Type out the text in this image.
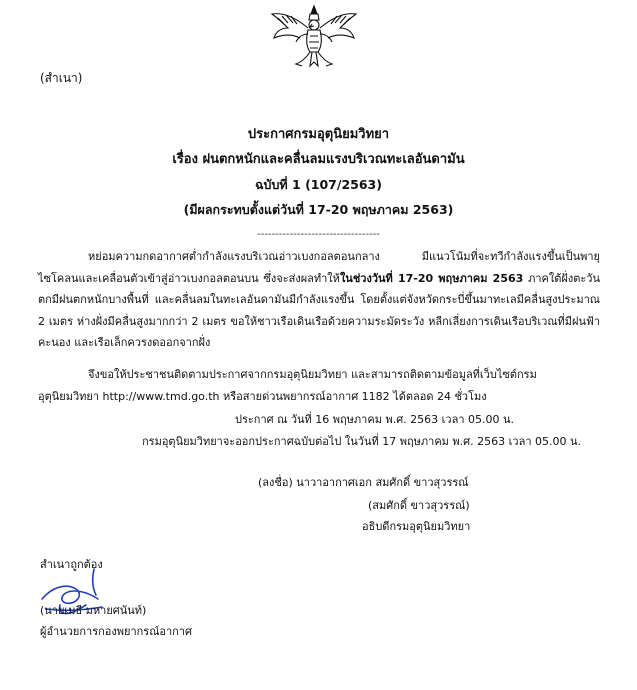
(สำเนา)
ประกาศกรมอุตุนิยมวิทยา
เรื่อง ฝนตกหนักและคลื่นลมแรงบริเวณทะเลอันดามัน
ฉบับที่ 1 (107/2563)
(มีผลกระทบตั้งแต่วันที่ 17-20 พฤษภาคม 2563)
----------------------------------
หย่อมความกดอากาศต่ำกำลังแรงบริเวณอ่าวเบงกอลตอนกลาง มีแนวโน้มที่จะทวีกำลังแรงขึ้นเป็นพายุไซโคลนและเคลื่อนตัวเข้าสู่อ่าวเบงกอลตอนบน ซึ่งจะส่งผลทำให้ในช่วงวันที่ 17-20 พฤษภาคม 2563 ภาคใต้ฝั่งตะวันตกมีฝนตกหนักบางพื้นที่ และคลื่นลมในทะเลอันดามันมีกำลังแรงขึ้น โดยตั้งแต่จังหวัดกระบี่ขึ้นมาทะเลมีคลื่นสูงประมาณ 2 เมตร ห่างฝั่งมีคลื่นสูงมากกว่า 2 เมตร ขอให้ชาวเรือเดินเรือด้วยความระมัดระวัง หลีกเลี่ยงการเดินเรือบริเวณที่มีฝนฟ้าคะนอง และเรือเล็กควรงดออกจากฝั่ง
จึงขอให้ประชาชนติดตามประกาศจากกรมอุตุนิยมวิทยา และสามารถติดตามข้อมูลที่เว็บไซต์กรม อุตุนิยมวิทยา http://www.tmd.go.th หรือสายด่วนพยากรณ์อากาศ 1182 ได้ตลอด 24 ชั่วโมง
ประกาศ ณ วันที่ 16 พฤษภาคม พ.ศ. 2563 เวลา 05.00 น.
กรมอุตุนิยมวิทยาจะออกประกาศฉบับต่อไป ในวันที่ 17 พฤษภาคม พ.ศ. 2563 เวลา 05.00 น.
(ลงชื่อ) นาวาอากาศเอก สมศักดิ์ ขาวสุวรรณ์
(สมศักดิ์ ขาวสุวรรณ์)
อธิบดีกรมอุตุนิยมวิทยา
สำเนาถูกต้อง
(นายเมธี มหายศนันท์)
ผู้อำนวยการกองพยากรณ์อากาศ
